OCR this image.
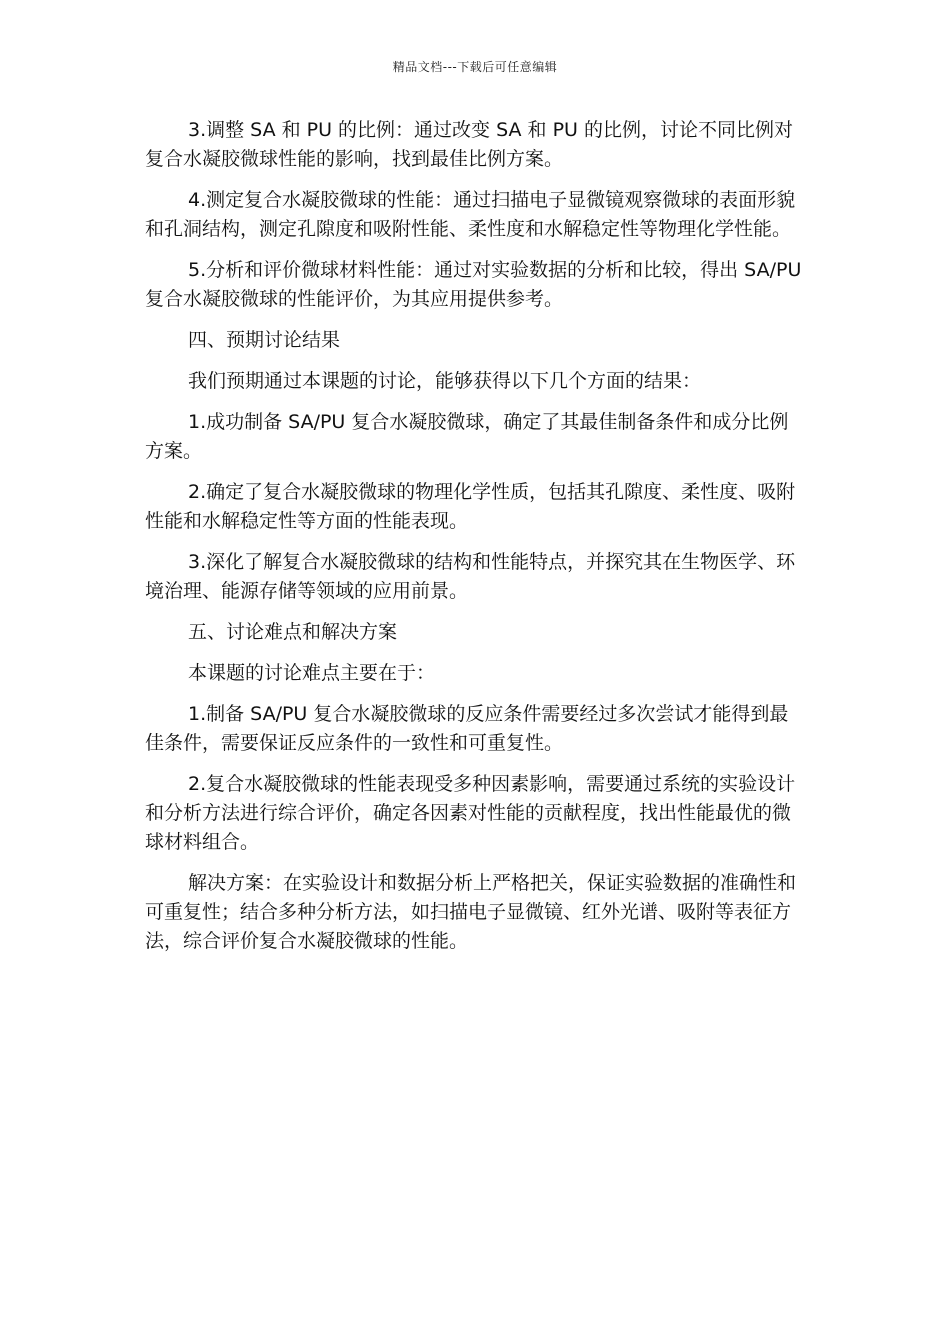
精品文档---下载后可任意编辑

3.调整 SA 和 PU 的比例：通过改变 SA 和 PU 的比例，讨论不同比例对复合水凝胶微球性能的影响，找到最佳比例方案。

4.测定复合水凝胶微球的性能：通过扫描电子显微镜观察微球的表面形貌和孔洞结构，测定孔隙度和吸附性能、柔性度和水解稳定性等物理化学性能。

5.分析和评价微球材料性能：通过对实验数据的分析和比较，得出 SA/PU 复合水凝胶微球的性能评价，为其应用提供参考。

四、预期讨论结果

我们预期通过本课题的讨论，能够获得以下几个方面的结果：

1.成功制备 SA/PU 复合水凝胶微球，确定了其最佳制备条件和成分比例方案。

2.确定了复合水凝胶微球的物理化学性质，包括其孔隙度、柔性度、吸附性能和水解稳定性等方面的性能表现。

3.深化了解复合水凝胶微球的结构和性能特点，并探究其在生物医学、环境治理、能源存储等领域的应用前景。

五、讨论难点和解决方案

本课题的讨论难点主要在于：

1.制备 SA/PU 复合水凝胶微球的反应条件需要经过多次尝试才能得到最佳条件，需要保证反应条件的一致性和可重复性。

2.复合水凝胶微球的性能表现受多种因素影响，需要通过系统的实验设计和分析方法进行综合评价，确定各因素对性能的贡献程度，找出性能最优的微球材料组合。

解决方案：在实验设计和数据分析上严格把关，保证实验数据的准确性和可重复性；结合多种分析方法，如扫描电子显微镜、红外光谱、吸附等表征方法，综合评价复合水凝胶微球的性能。
